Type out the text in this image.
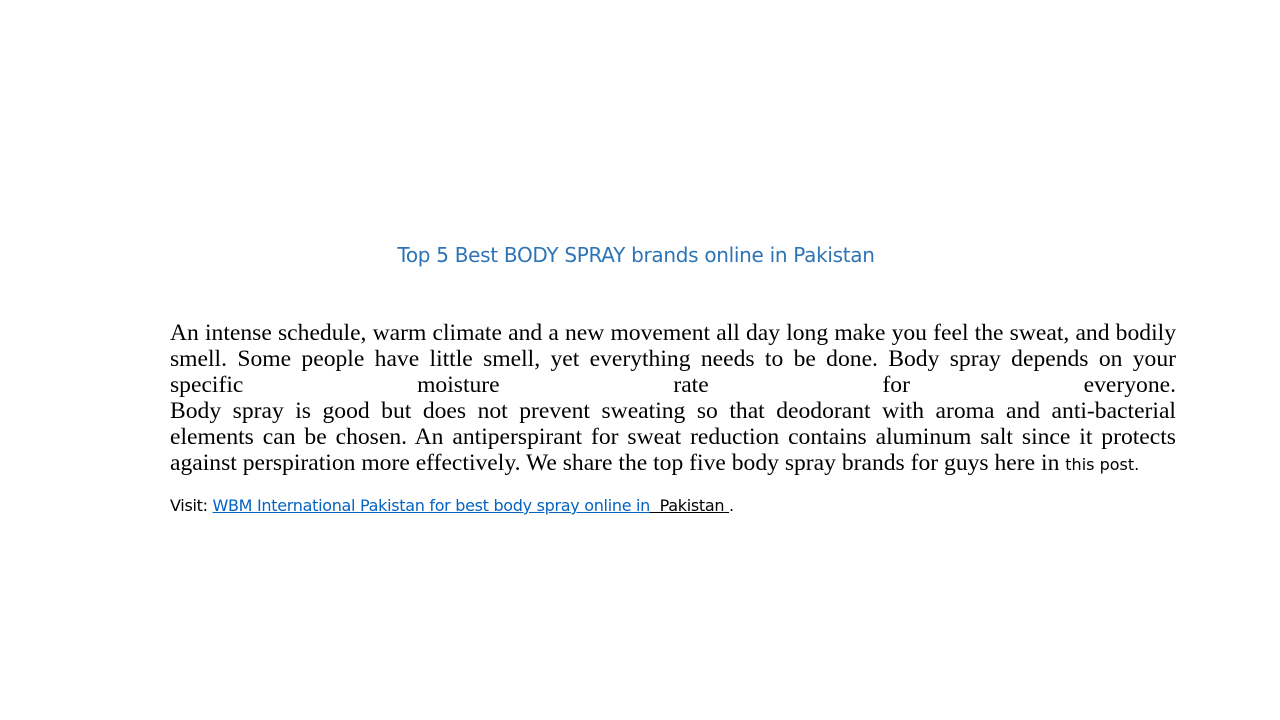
Top 5 Best BODY SPRAY brands online in Pakistan

An intense schedule, warm climate and a new movement all day long make you feel the sweat, and bodily smell. Some people have little smell, yet everything needs to be done. Body spray depends on your specific moisture rate for everyone.

Body spray is good but does not prevent sweating so that deodorant with aroma and anti-bacterial elements can be chosen. An antiperspirant for sweat reduction contains aluminum salt since it protects against perspiration more effectively. We share the top five body spray brands for guys here in this post.

Visit: WBM International Pakistan for best body spray online in Pakistan .
